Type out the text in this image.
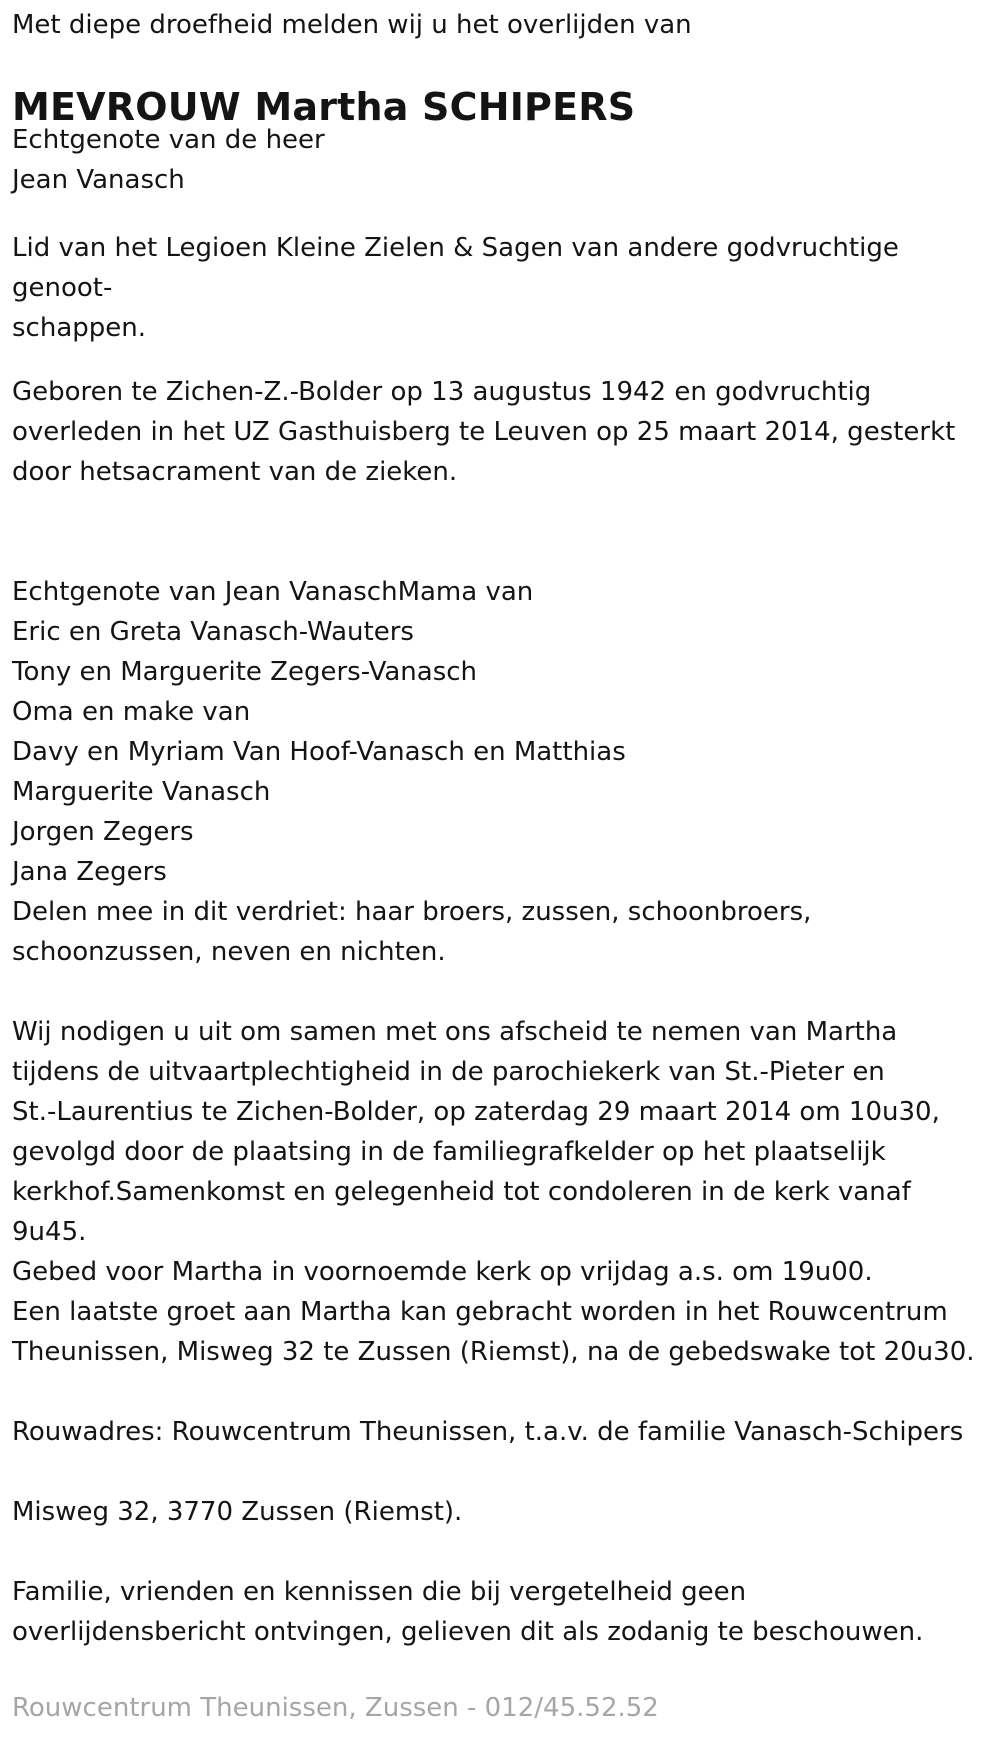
Met diepe droefheid melden wij u het overlijden van

MEVROUW Martha SCHIPERS

Echtgenote van de heer

Jean Vanasch

Lid van het Legioen Kleine Zielen & Sagen van andere godvruchtige

genoot-

schappen.

Geboren te Zichen-Z.-Bolder op 13 augustus 1942 en godvruchtig

overleden in het UZ Gasthuisberg te Leuven op 25 maart 2014, gesterkt

door hetsacrament van de zieken.

Echtgenote van Jean VanaschMama van

Eric en Greta Vanasch-Wauters

Tony en Marguerite Zegers-Vanasch

Oma en make van

Davy en Myriam Van Hoof-Vanasch en Matthias

Marguerite Vanasch

Jorgen Zegers

Jana Zegers

Delen mee in dit verdriet: haar broers, zussen, schoonbroers,

schoonzussen, neven en nichten.

Wij nodigen u uit om samen met ons afscheid te nemen van Martha

tijdens de uitvaartplechtigheid in de parochiekerk van St.-Pieter en

St.-Laurentius te Zichen-Bolder, op zaterdag 29 maart 2014 om 10u30,

gevolgd door de plaatsing in de familiegrafkelder op het plaatselijk

kerkhof.Samenkomst en gelegenheid tot condoleren in de kerk vanaf

9u45.

Gebed voor Martha in voornoemde kerk op vrijdag a.s. om 19u00.

Een laatste groet aan Martha kan gebracht worden in het Rouwcentrum

Theunissen, Misweg 32 te Zussen (Riemst), na de gebedswake tot 20u30.

Rouwadres: Rouwcentrum Theunissen, t.a.v. de familie Vanasch-Schipers

Misweg 32, 3770 Zussen (Riemst).

Familie, vrienden en kennissen die bij vergetelheid geen

overlijdensbericht ontvingen, gelieven dit als zodanig te beschouwen.

Rouwcentrum Theunissen, Zussen - 012/45.52.52
